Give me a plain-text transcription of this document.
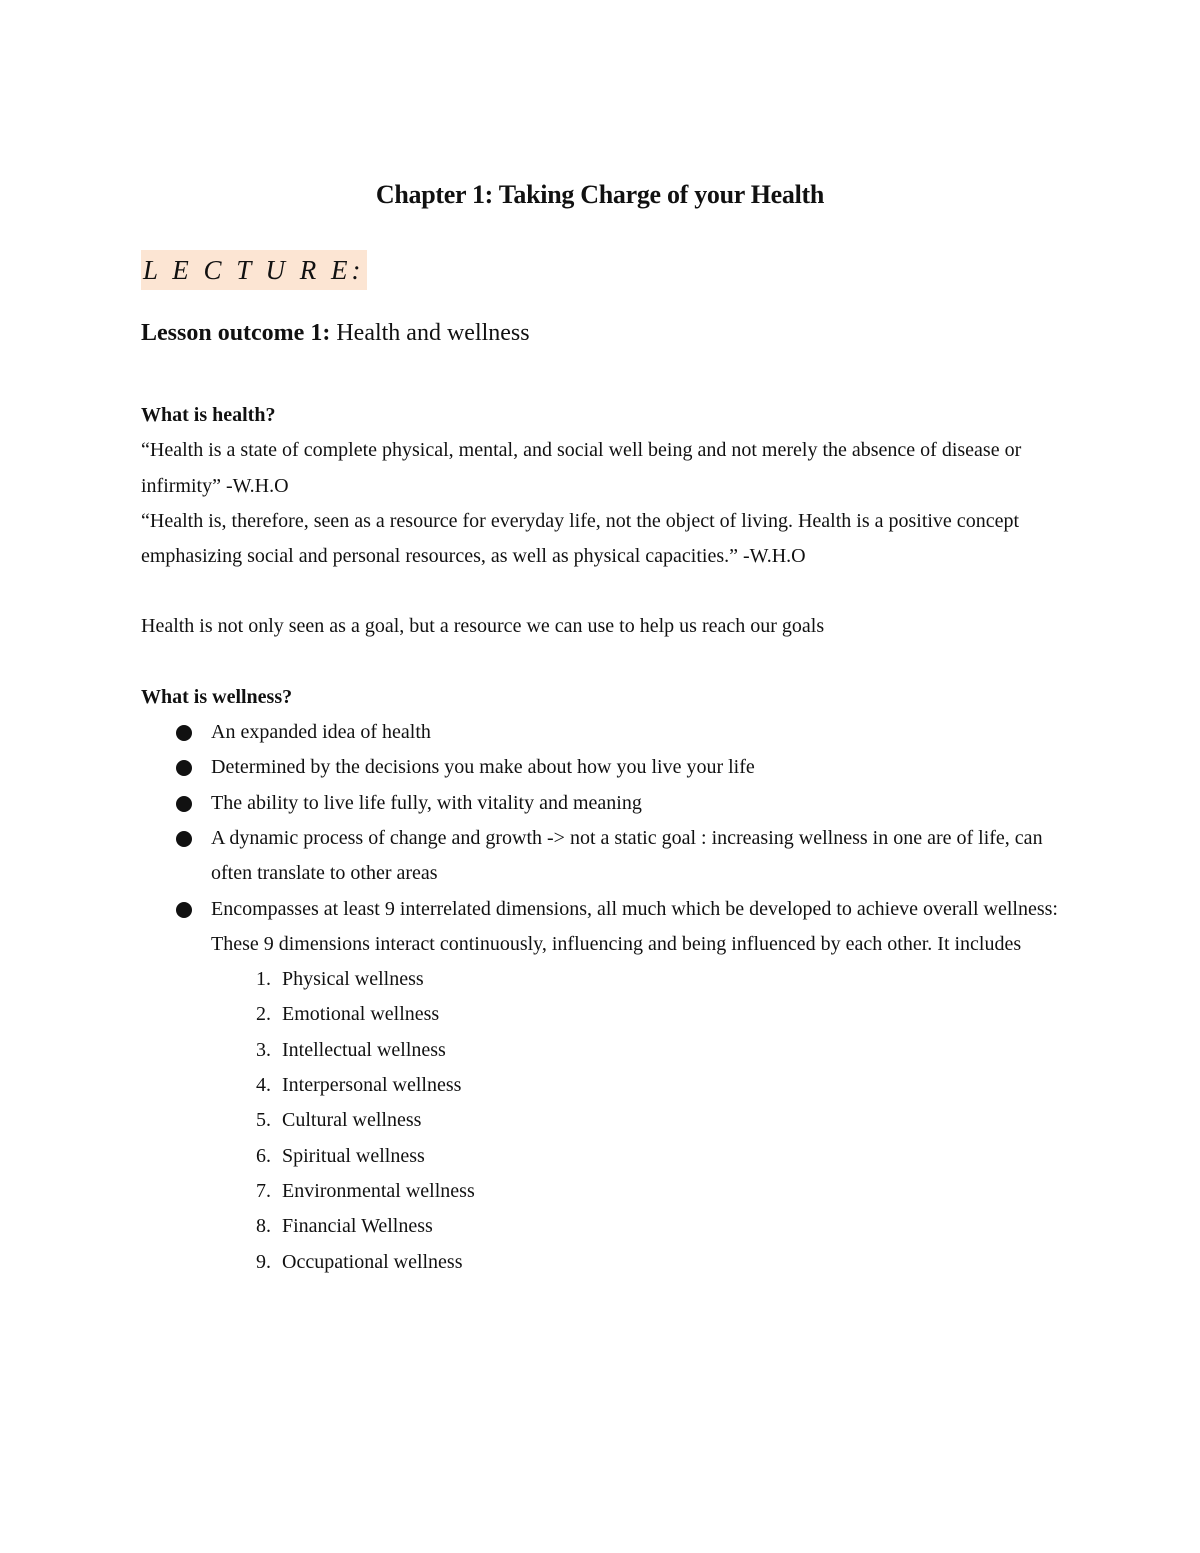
Chapter 1: Taking Charge of your Health
L E C T U R E:
Lesson outcome 1: Health and wellness

What is health?

“Health is a state of complete physical, mental, and social well being and not merely the absence of disease or infirmity” -W.H.O

“Health is, therefore, seen as a resource for everyday life, not the object of living. Health is a positive concept emphasizing social and personal resources, as well as physical capacities.” -W.H.O

Health is not only seen as a goal, but a resource we can use to help us reach our goals

What is wellness?

An expanded idea of health
Determined by the decisions you make about how you live your life
The ability to live life fully, with vitality and meaning
A dynamic process of change and growth -> not a static goal : increasing wellness in one are of life, can often translate to other areas
Encompasses at least 9 interrelated dimensions, all much which be developed to achieve overall wellness:

These 9 dimensions interact continuously, influencing and being influenced by each other. It includes

1. Physical wellness
2. Emotional wellness
3. Intellectual wellness
4. Interpersonal wellness
5. Cultural wellness
6. Spiritual wellness
7. Environmental wellness
8. Financial Wellness
9. Occupational wellness
